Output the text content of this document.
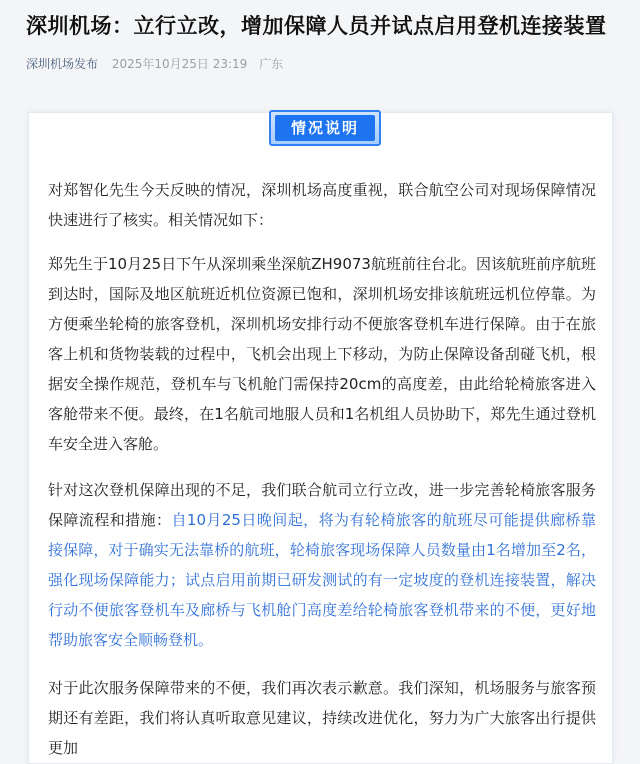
深圳机场：立行立改，增加保障人员并试点启用登机连接装置
深圳机场发布 2025年10月25日 23:19 广东
情况说明

对郑智化先生今天反映的情况，深圳机场高度重视，联合航空公司对现场保障情况快速进行了核实。相关情况如下：

郑先生于10月25日下午从深圳乘坐深航ZH9073航班前往台北。因该航班前序航班到达时，国际及地区航班近机位资源已饱和，深圳机场安排该航班远机位停靠。为方便乘坐轮椅的旅客登机，深圳机场安排行动不便旅客登机车进行保障。由于在旅客上机和货物装载的过程中，飞机会出现上下移动，为防止保障设备刮碰飞机，根据安全操作规范，登机车与飞机舱门需保持20cm的高度差，由此给轮椅旅客进入客舱带来不便。最终，在1名航司地服人员和1名机组人员协助下，郑先生通过登机车安全进入客舱。

针对这次登机保障出现的不足，我们联合航司立行立改，进一步完善轮椅旅客服务保障流程和措施：自10月25日晚间起，将为有轮椅旅客的航班尽可能提供廊桥靠接保障，对于确实无法靠桥的航班，轮椅旅客现场保障人员数量由1名增加至2名，强化现场保障能力；试点启用前期已研发测试的有一定坡度的登机连接装置，解决行动不便旅客登机车及廊桥与飞机舱门高度差给轮椅旅客登机带来的不便，更好地帮助旅客安全顺畅登机。

对于此次服务保障带来的不便，我们再次表示歉意。我们深知，机场服务与旅客预期还有差距，我们将认真听取意见建议，持续改进优化，努力为广大旅客出行提供更加
